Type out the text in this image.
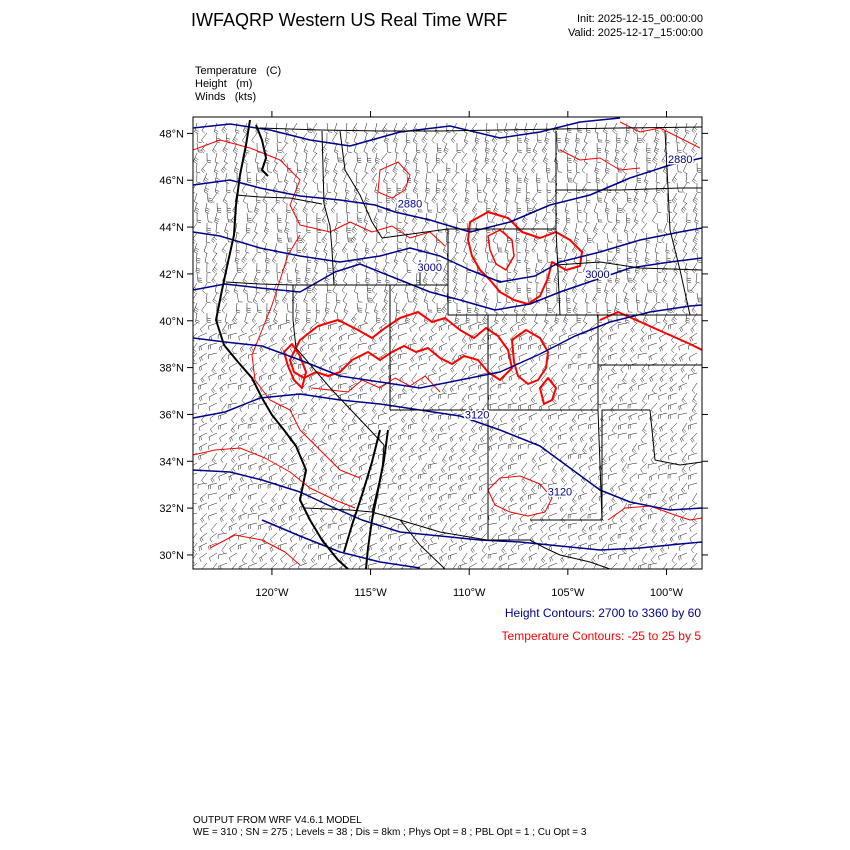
IWFAQRP Western US Real Time WRF	Init: 2025-12-15_00:00:00
Valid: 2025-12-17_15:00:00
Temperature (C)
Height (m)
Winds (kts)
3000
3000
2880
2880
3120
3120
120°W	115°W	110°W	105°W	100°W
30°N
32°N
34°N
36°N
38°N
40°N
42°N
44°N
46°N
48°N
Height Contours: 2700 to 3360 by 60
Temperature Contours: -25 to 25 by 5
OUTPUT FROM WRF V4.6.1 MODEL
WE = 310 ; SN = 275 ; Levels = 38 ; Dis = 8km ; Phys Opt = 8 ; PBL Opt = 1 ; Cu Opt = 3
